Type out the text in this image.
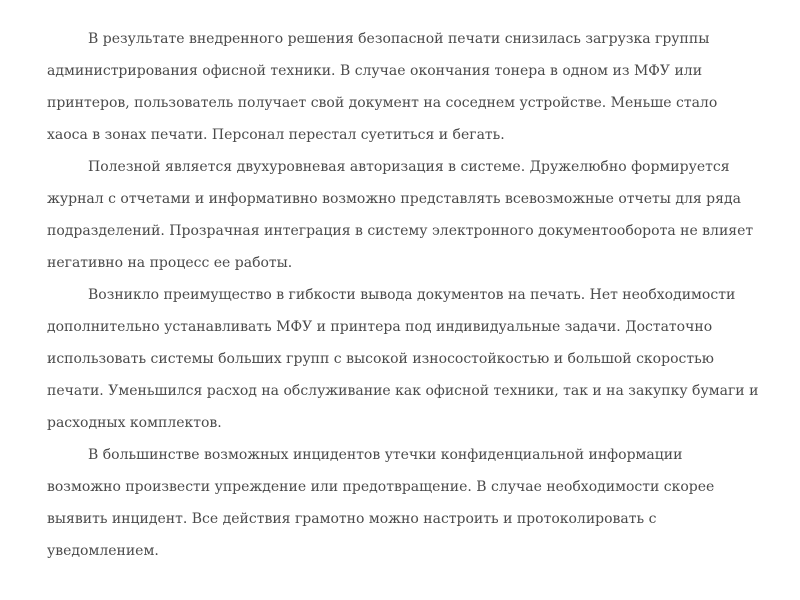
В результате внедренного решения безопасной печати снизилась загрузка группы администрирования офисной техники. В случае окончания тонера в одном из МФУ или принтеров, пользователь получает свой документ на соседнем устройстве. Меньше стало хаоса в зонах печати. Персонал перестал суетиться и бегать.

Полезной является двухуровневая авторизация в системе. Дружелюбно формируется журнал с отчетами и информативно возможно представлять всевозможные отчеты для ряда подразделений. Прозрачная интеграция в систему электронного документооборота не влияет негативно на процесс ее работы.

Возникло преимущество в гибкости вывода документов на печать. Нет необходимости дополнительно устанавливать МФУ и принтера под индивидуальные задачи. Достаточно использовать системы больших групп с высокой износостойкостью и большой скоростью печати. Уменьшился расход на обслуживание как офисной техники, так и на закупку бумаги и расходных комплектов.

В большинстве возможных инцидентов утечки конфиденциальной информации возможно произвести упреждение или предотвращение. В случае необходимости скорее выявить инцидент. Все действия грамотно можно настроить и протоколировать с уведомлением.
